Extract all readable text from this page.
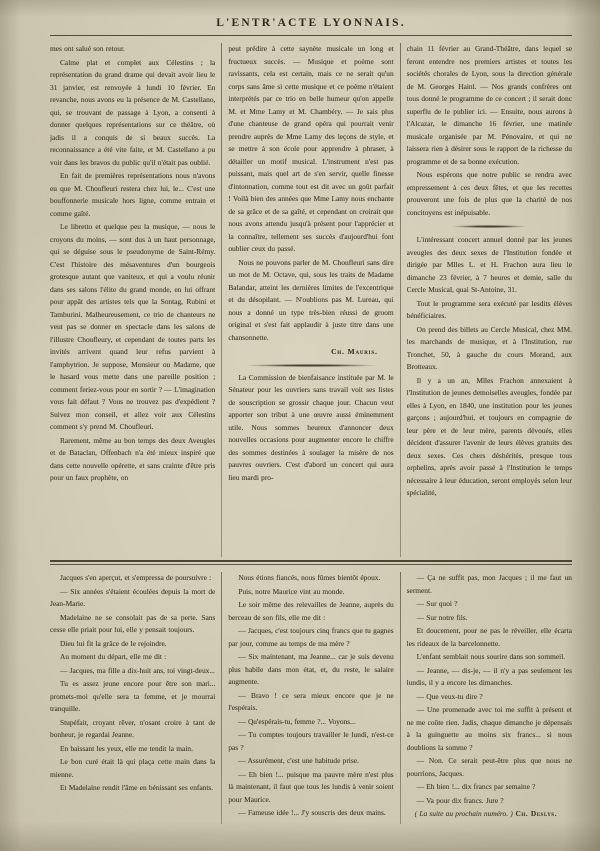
L'ENTR'ACTE LYONNAIS.

mes ont salué son retour.

Calme plat et complet aux Célestins ; la représentation du grand drame qui devait avoir lieu le 31 janvier, est renvoyée à lundi 10 février. En revanche, nous avons eu la présence de M. Castellano, qui, se trouvant de passage à Lyon, a consenti à donner quelques représentations sur ce théâtre, où jadis il a conquis de si beaux succès. La reconnaissance a été vite faite, et M. Castellano a pu voir dans les bravos du public qu'il n'était pas oublié.

En fait de premières représentations nous n'avons eu que M. Choufleuri restera chez lui, le... C'est une bouffonnerie musicale hors ligne, comme entrain et comme gaîté.

Le libretto et quelque peu la musique, — nous le croyons du moins, — sont dus à un haut personnage, qui se déguise sous le pseudonyme de Saint-Rémy. C'est l'histoire des mésaventures d'un bourgeois grotesque autant que vaniteux, et qui a voulu réunir dans ses salons l'élite du grand monde, en lui offrant pour appât des artistes tels que la Sontag, Rubini et Tamburini. Malheureusement, ce trio de chanteurs ne veut pas se donner en spectacle dans les salons de l'illustre Choufleury, et cependant de toutes parts les invités arrivent quand leur refus parvient à l'amphytrion. Je suppose, Monsieur ou Madame, que le hasard vous mette dans une pareille position ; comment feriez-vous pour en sortir ? — L'imagination vous fait défaut ? Vous ne trouvez pas d'expédient ? Suivez mon conseil, et allez voir aux Célestins comment s'y prend M. Choufleuri.

Rarement, même au bon temps des deux Aveugles et de Bataclan, Offenbach n'a été mieux inspiré que dans cette nouvelle opérette, et sans crainte d'être pris pour un faux prophète, on

peut prédire à cette saynète musicale un long et fructueux succès. — Musique et poème sont ravissants, cela est certain, mais ce ne serait qu'un corps sans âme si cette musique et ce poème n'étaient interprétés par ce trio en belle humeur qu'on appelle M. et Mme Lamy et M. Chambéry. — Je sais plus d'une chanteuse de grand opéra qui pourrait venir prendre auprès de Mme Lamy des leçons de style, et se mettre à son école pour apprendre à phraser, à détailler un motif musical. L'instrument n'est pas puissant, mais quel art de s'en servir, quelle finesse d'intonnation, comme tout est dit avec un goût parfait ! Voilà bien des années que Mme Lamy nous enchante de sa grâce et de sa gaîté, et cependant on croirait que nous avons attendu jusqu'à présent pour l'apprécier et la connaître, tellement ses succès d'aujourd'hui font oublier ceux du passé.

Nous ne pouvons parler de M. Choufleuri sans dire un mot de M. Octave, qui, sous les traits de Madame Balandar, atteint les dernières limites de l'excentrique et du désopilant. — N'oublions pas M. Lureau, qui nous a donné un type très-bien réussi de groom original et s'est fait applaudir à juste titre dans une chansonnette.

Ch. Mauris.

La Commission de bienfaisance instituée par M. le Sénateur pour les ouvriers sans travail voit ses listes de souscription se grossir chaque jour. Chacun veut apporter son tribut à une œuvre aussi éminemment utile. Nous sommes heureux d'annoncer deux nouvelles occasions pour augmenter encore le chiffre des sommes destinées à soulager la misère de nos pauvres ouvriers. C'est d'abord un concert qui aura lieu mardi pro-

chain 11 février au Grand-Théâtre, dans lequel se feront entendre nos premiers artistes et toutes les sociétés chorales de Lyon, sous la direction générale de M. Georges Hainl. — Nos grands confrères ont tous donné le programme de ce concert ; il serait donc superflu de le publier ici. — Ensuite, nous aurons à l'Alcazar, le dimanche 16 février, une matinée musicale organisée par M. Pénovaire, et qui ne laissera rien à désirer sous le rapport de la richesse du programme et de sa bonne exécution.

Nous espérons que notre public se rendra avec empressement à ces deux fêtes, et que les recettes prouveront une fois de plus que la charité de nos concitoyens est inépuisable.

L'intéressant concert annuel donné par les jeunes aveugles des deux sexes de l'Institution fondée et dirigée par Mlles L. et H. Frachon aura lieu le dimanche 23 février, à 7 heures et demie, salle du Cercle Musical, quai St-Antoine, 31.

Tout le programme sera exécuté par lesdits élèves bénéficiaires.

On prend des billets au Cercle Musical, chez MM. les marchands de musique, et à l'Institution, rue Tronchet, 50, à gauche du cours Morand, aux Brotteaux.

Il y a un an, Mlles Frachon annexaient à l'Institution de jeunes demoiselles aveugles, fondée par elles à Lyon, en 1840, une institution pour les jeunes garçons ; aujourd'hui, et toujours en compagnie de leur père et de leur mère, parents dévoués, elles décident d'assurer l'avenir de leurs élèves gratuits des deux sexes. Ces chers déshérités, presque tous orphelins, après avoir passé à l'Institution le temps nécessaire à leur éducation, seront employés selon leur spécialité,

Jacques s'en aperçut, et s'empressa de poursuivre :

— Six années s'étaient écoulées depuis la mort de Jean-Marie.

Madelaine ne se consolait pas de sa perte. Sans cesse elle priait pour lui, elle y pensait toujours.

Dieu lui fit la grâce de le rejoindre.

Au moment du départ, elle me dit :

— Jacques, ma fille a dix-huit ans, toi vingt-deux...

Tu es assez jeune encore pour être son mari... promets-moi qu'elle sera ta femme, et je mourrai tranquille.

Stupéfait, croyant rêver, n'osant croire à tant de bonheur, je regardai Jeanne.

En baissant les yeux, elle me tendit la main.

Le bon curé était là qui plaça cette main dans la mienne.

Et Madelaine rendit l'âme en bénissant ses enfants.

Nous étions fiancés, nous fûmes bientôt époux.

Puis, notre Maurice vint au monde.

Le soir même des relevailles de Jeanne, auprès du berceau de son fils, elle me dit :

— Jacques, c'est toujours cinq francs que tu gagnes par jour, comme au temps de ma mère ?

— Six maintenant, ma Jeanne... car je suis devenu plus habile dans mon état, et, du reste, le salaire augmente.

— Bravo ! ce sera mieux encore que je ne l'espérais.

— Qu'espérais-tu, femme ?... Voyons...

— Tu comptes toujours travailler le lundi, n'est-ce pas ?

— Assurément, c'est une habitude prise.

— Eh bien !... puisque ma pauvre mère n'est plus là maintenant, il faut que tous les lundis à venir soient pour Maurice.

— Fameuse idée !... J'y souscris des deux mains.

— Ça ne suffit pas, mon Jacques ; il me faut un serment.

— Sur quoi ?

— Sur notre fils.

Et doucement, pour ne pas le réveiller, elle écarta les rideaux de la barcelonnette.

L'enfant semblait nous sourire dans son sommeil.

— Jeanne, — dis-je, — il n'y a pas seulement les lundis, il y a encore les dimanches.

— Que veux-tu dire ?

— Une promenade avec toi me suffit à présent et ne me coûte rien. Jadis, chaque dimanche je dépensais à la guinguette au moins six francs... si nous doublions la somme ?

— Non. Ce serait peut-être plus que nous ne pourrions, Jacques.

— Eh bien !... dix francs par semaine ?

— Va pour dix francs. Jure ?

( La suite au prochain numéro. ) Ch. Deslys.
